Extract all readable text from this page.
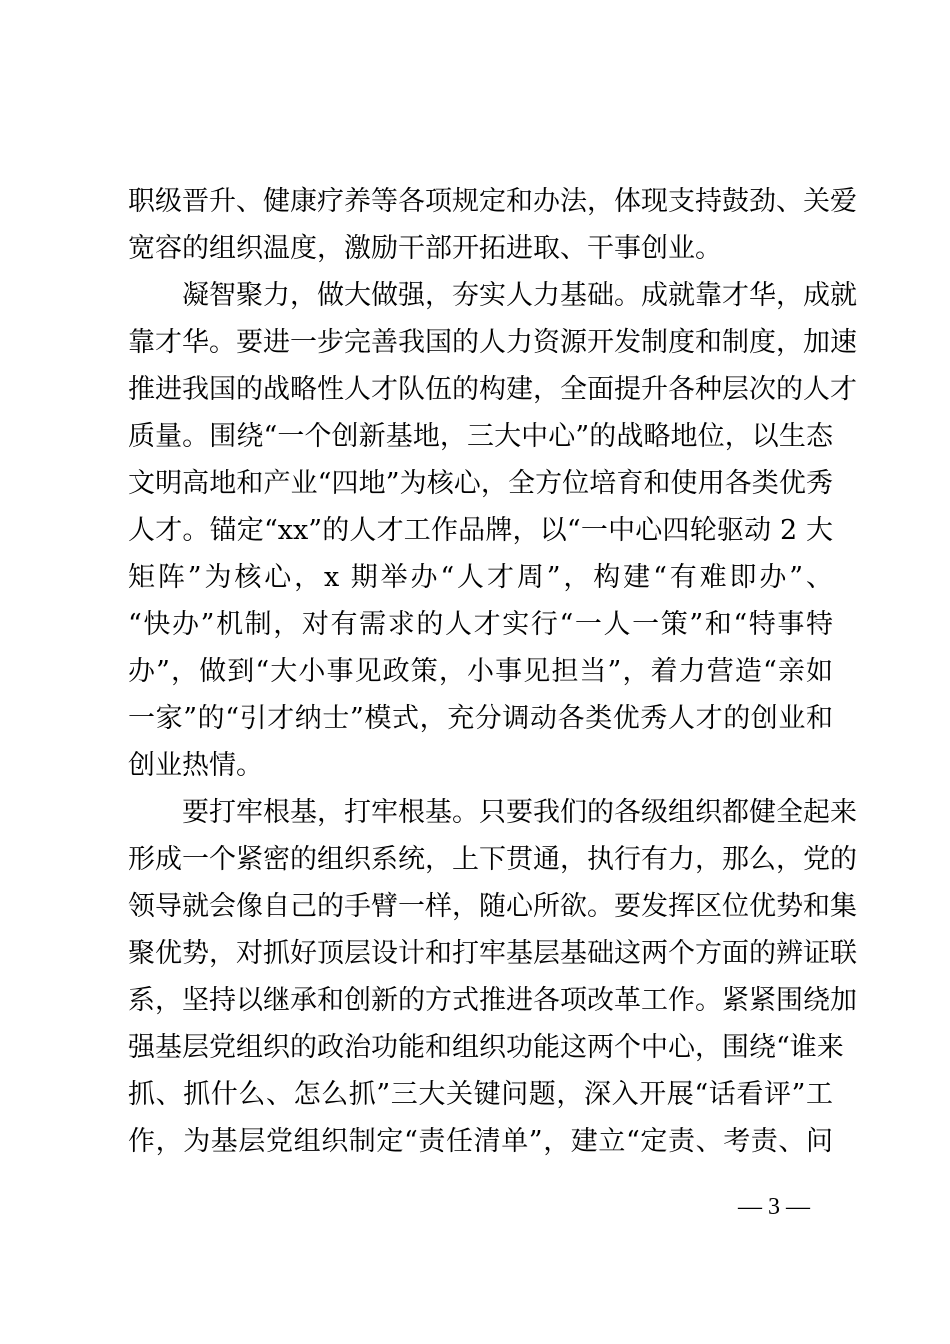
职级晋升、健康疗养等各项规定和办法，体现支持鼓劲、关爱

宽容的组织温度，激励干部开拓进取、干事创业。

凝智聚力，做大做强，夯实人力基础。成就靠才华，成就

靠才华。要进一步完善我国的人力资源开发制度和制度，加速

推进我国的战略性人才队伍的构建，全面提升各种层次的人才

质量。围绕“一个创新基地，三大中心”的战略地位，以生态

文明高地和产业“四地”为核心，全方位培育和使用各类优秀

人才。锚定“xx”的人才工作品牌，以“一中心四轮驱动 2 大

矩阵”为核心，x 期举办“人才周”，构建“有难即办”、

“快办”机制，对有需求的人才实行“一人一策”和“特事特

办”，做到“大小事见政策，小事见担当”，着力营造“亲如

一家”的“引才纳士”模式，充分调动各类优秀人才的创业和

创业热情。

要打牢根基，打牢根基。只要我们的各级组织都健全起来

形成一个紧密的组织系统，上下贯通，执行有力，那么，党的

领导就会像自己的手臂一样，随心所欲。要发挥区位优势和集

聚优势，对抓好顶层设计和打牢基层基础这两个方面的辨证联

系，坚持以继承和创新的方式推进各项改革工作。紧紧围绕加

强基层党组织的政治功能和组织功能这两个中心，围绕“谁来

抓、抓什么、怎么抓”三大关键问题，深入开展“话看评”工

作，为基层党组织制定“责任清单”，建立“定责、考责、问

— 3 —
